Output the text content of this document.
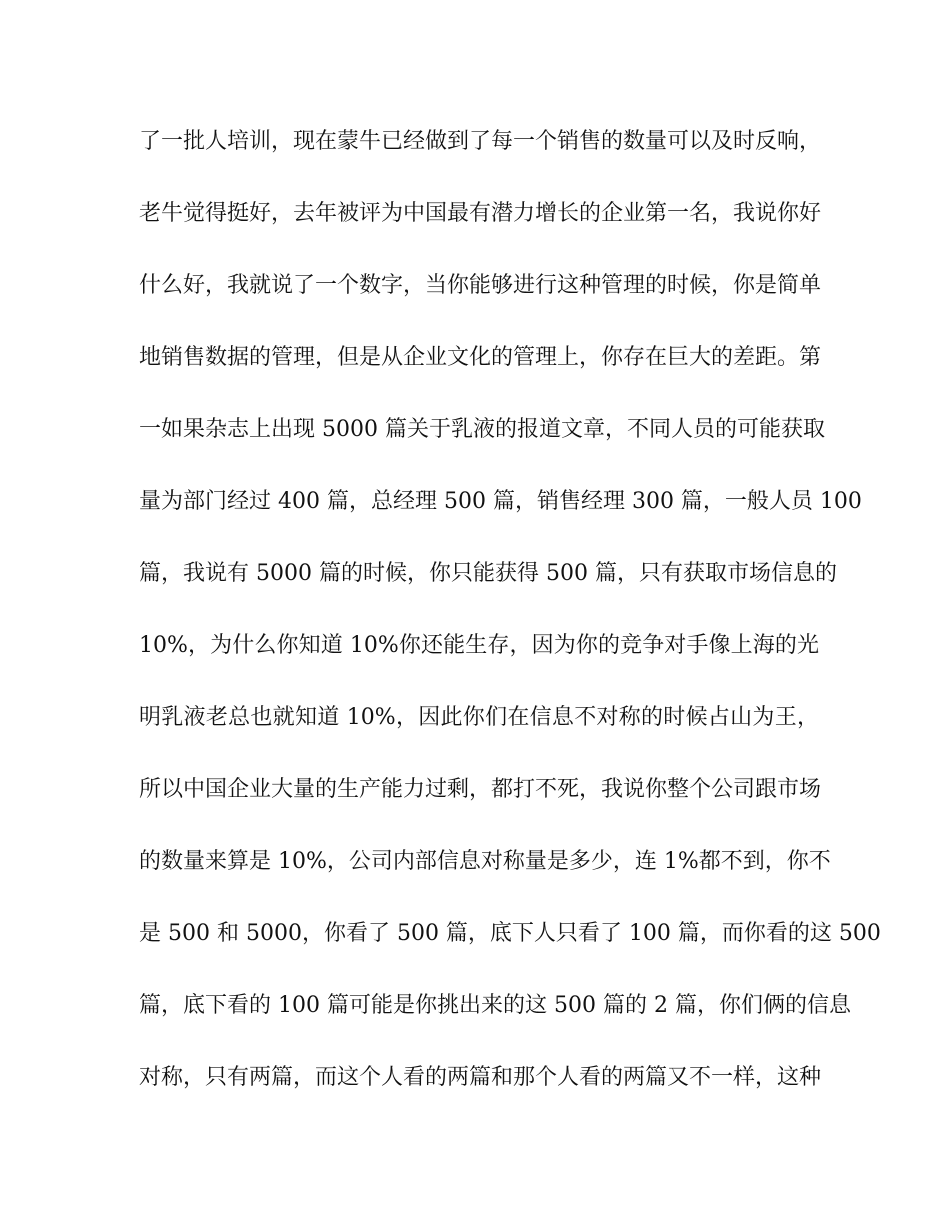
了一批人培训，现在蒙牛已经做到了每一个销售的数量可以及时反响，
老牛觉得挺好，去年被评为中国最有潜力增长的企业第一名，我说你好
什么好，我就说了一个数字，当你能够进行这种管理的时候，你是简单
地销售数据的管理，但是从企业文化的管理上，你存在巨大的差距。第
一如果杂志上出现 5000 篇关于乳液的报道文章，不同人员的可能获取
量为部门经过 400 篇，总经理 500 篇，销售经理 300 篇，一般人员 100
篇，我说有 5000 篇的时候，你只能获得 500 篇，只有获取市场信息的
10%，为什么你知道 10%你还能生存，因为你的竞争对手像上海的光
明乳液老总也就知道 10%，因此你们在信息不对称的时候占山为王，
所以中国企业大量的生产能力过剩，都打不死，我说你整个公司跟市场
的数量来算是 10%，公司内部信息对称量是多少，连 1%都不到，你不
是 500 和 5000，你看了 500 篇，底下人只看了 100 篇，而你看的这 500
篇，底下看的 100 篇可能是你挑出来的这 500 篇的 2 篇，你们俩的信息
对称，只有两篇，而这个人看的两篇和那个人看的两篇又不一样，这种
